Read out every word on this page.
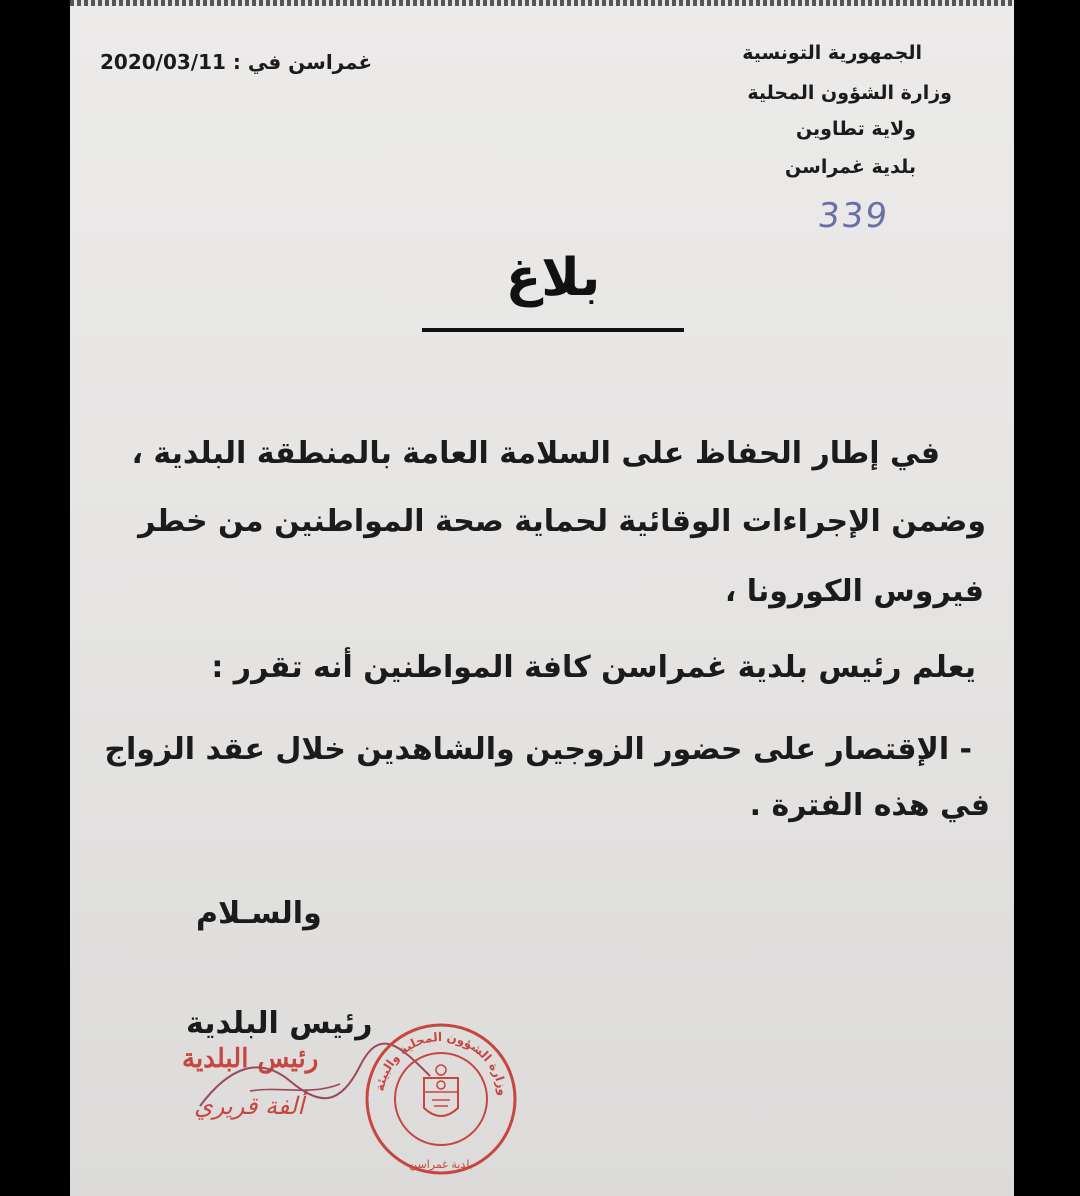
الجمهورية التونسية
وزارة الشؤون المحلية
ولاية تطاوين
بلدية غمراسن
غمراسن في : 2020/03/11
339
بلاغ
في إطار الحفاظ على السلامة العامة بالمنطقة البلدية ،
وضمن الإجراءات الوقائية لحماية صحة المواطنين من خطر
فيروس الكورونا ،
يعلم رئيس بلدية غمراسن كافة المواطنين أنه تقرر :
- الإقتصار على حضور الزوجين والشاهدين خلال عقد الزواج
في هذه الفترة .
والسـلام
رئيس البلدية
رئيس البلدية
ألفة قريري
وزارة الشؤون المحلية والبيئة
بلدية غمراسن
